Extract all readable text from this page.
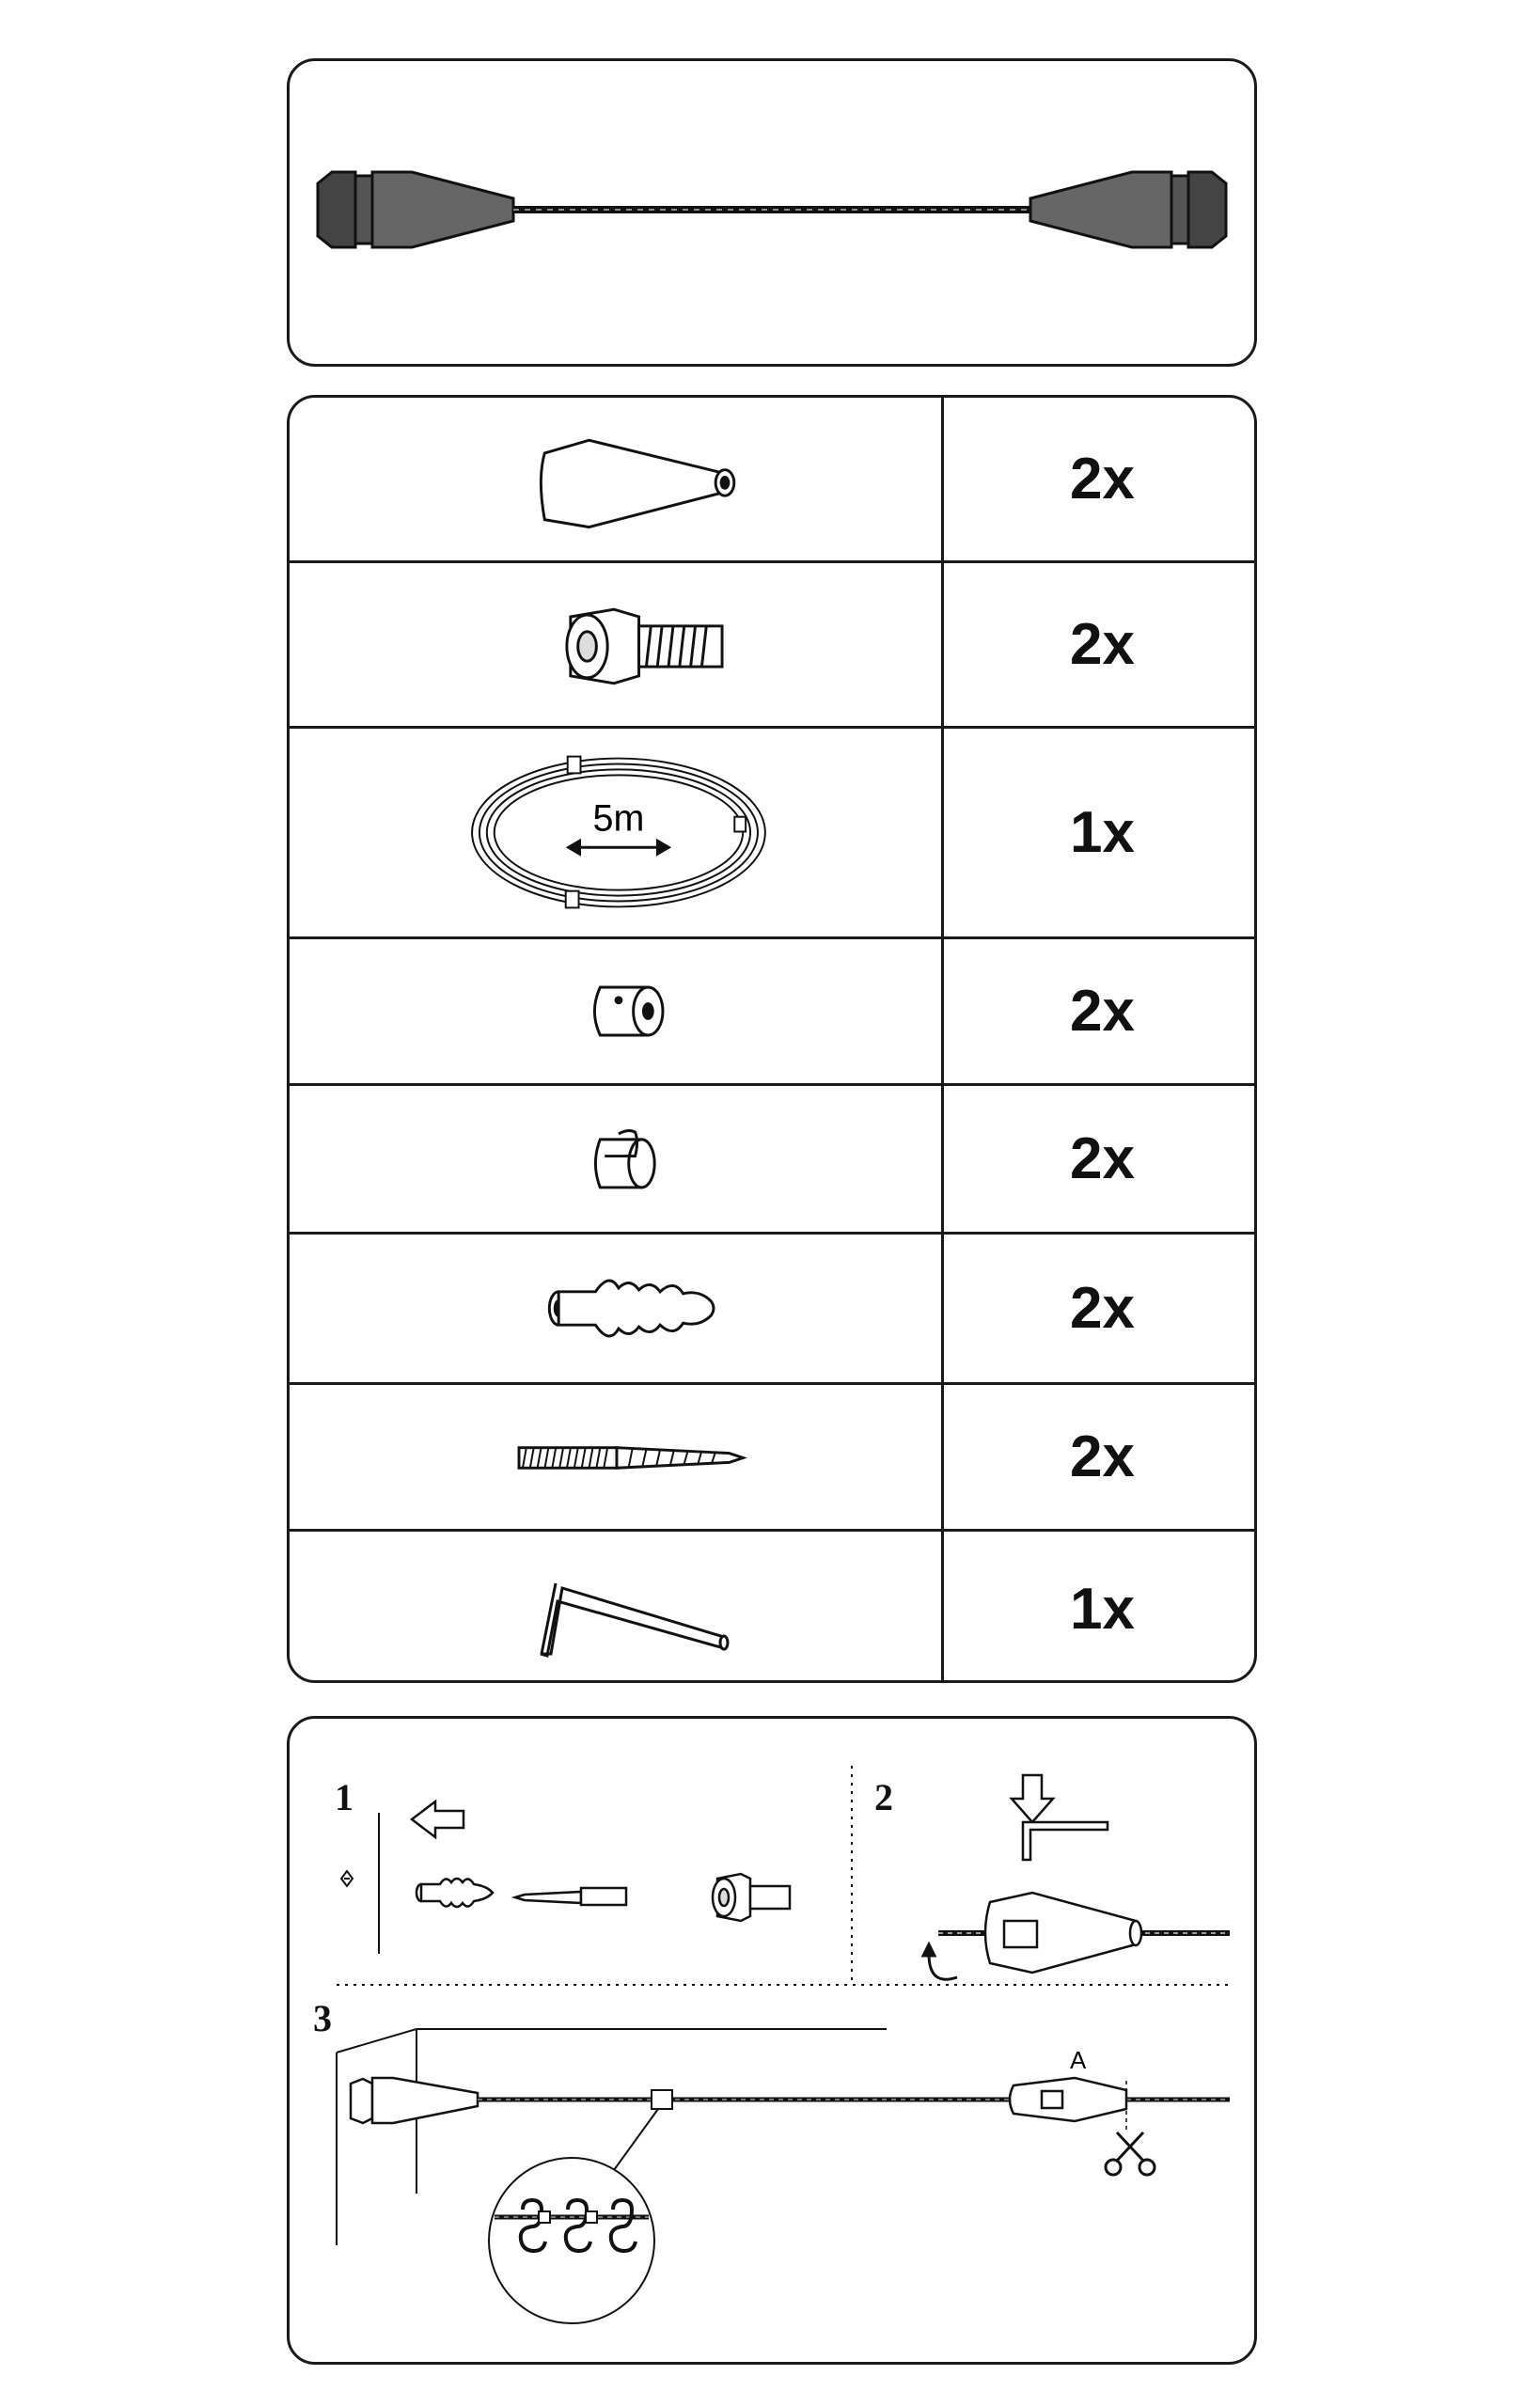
2x
2x
5m	1x
2x
2x
2x
2x
1x
A
1	2
3
